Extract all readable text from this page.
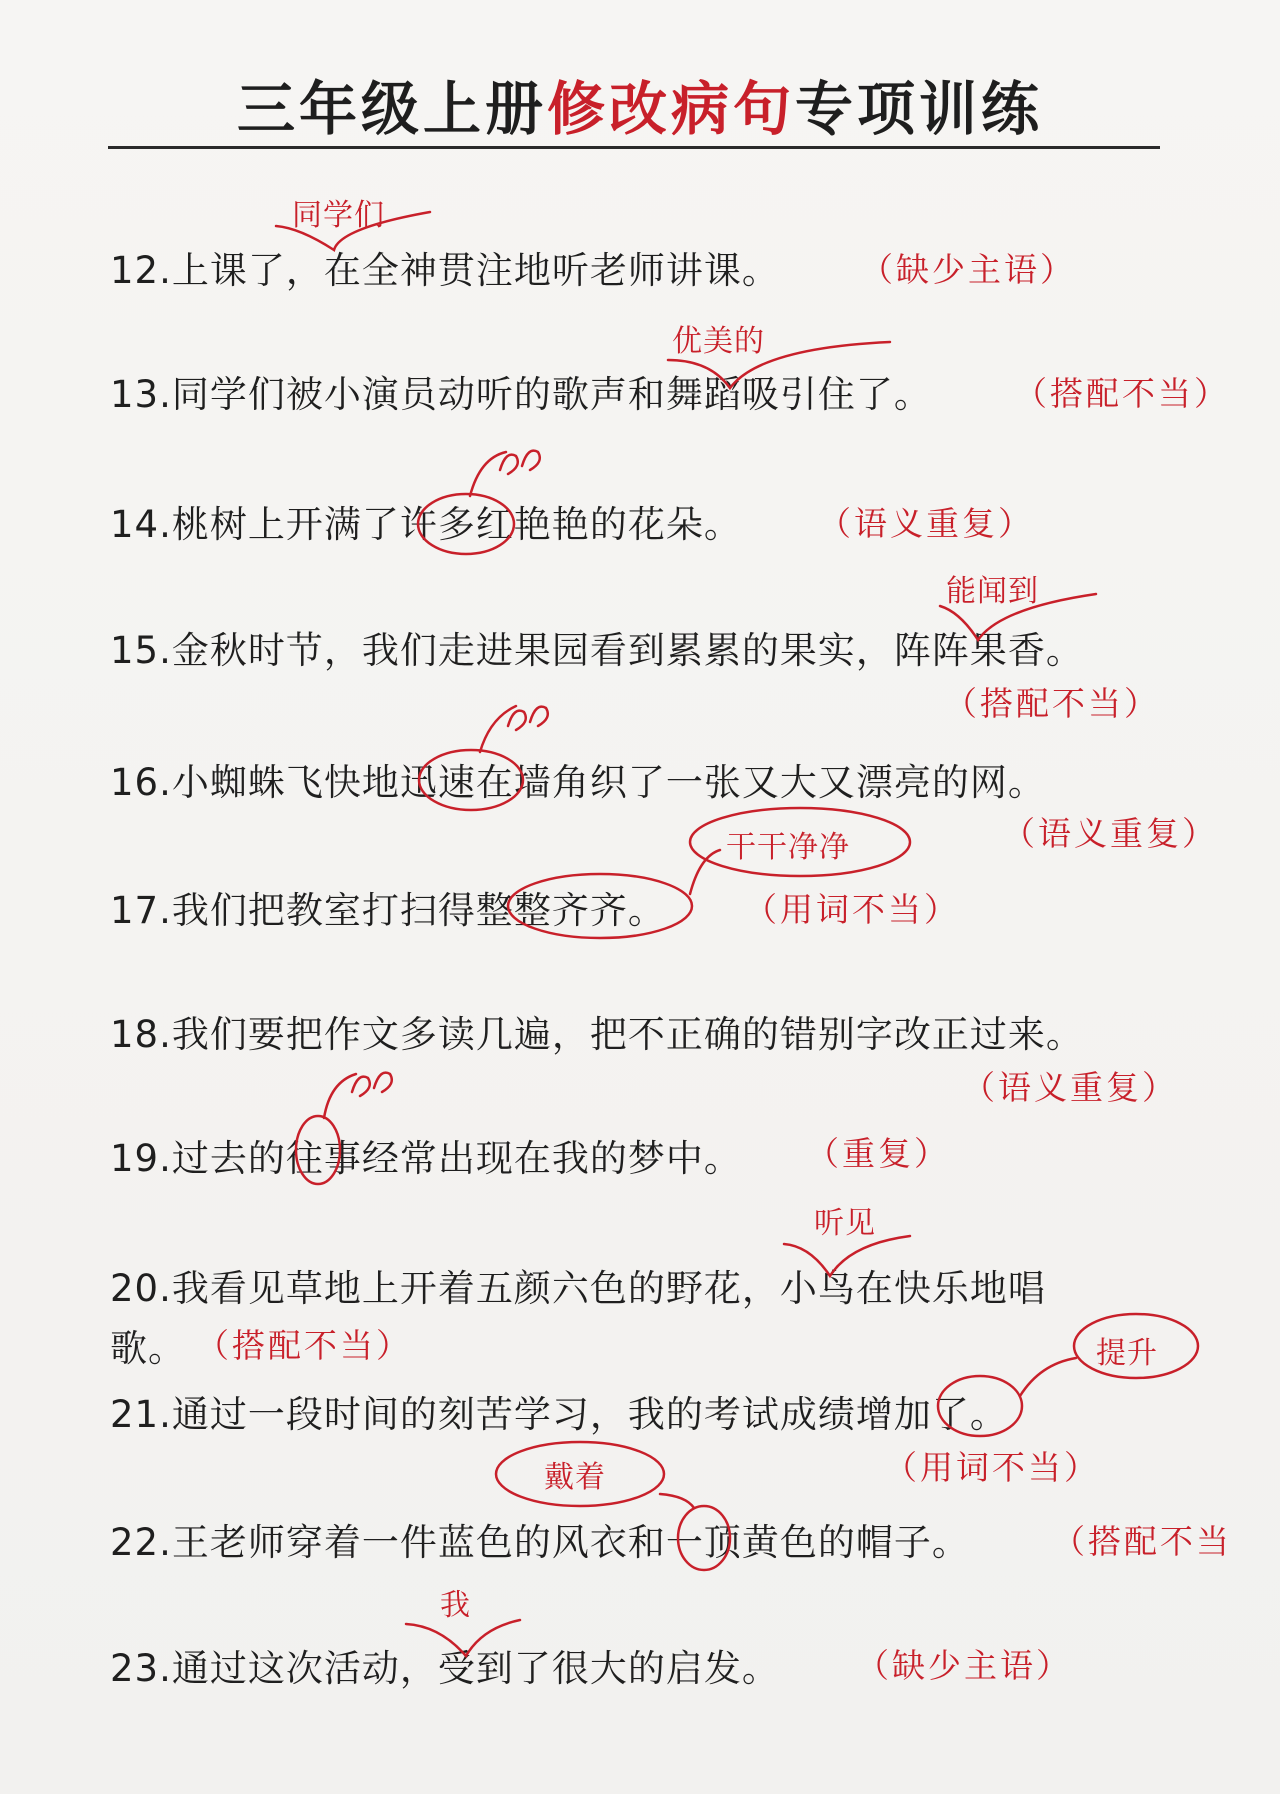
三年级上册修改病句专项训练
同学们
12.上课了，在全神贯注地听老师讲课。 （缺少主语）
优美的
13.同学们被小演员动听的歌声和舞蹈吸引住了。 （搭配不当）
14.桃树上开满了许多红艳艳的花朵。 （语义重复）
能闻到
15.金秋时节，我们走进果园看到累累的果实，阵阵果香。
（搭配不当）
16.小蜘蛛飞快地迅速在墙角织了一张又大又漂亮的网。
（语义重复）
干干净净
17.我们把教室打扫得整整齐齐。 （用词不当）
18.我们要把作文多读几遍，把不正确的错别字改正过来。
（语义重复）
19.过去的往事经常出现在我的梦中。 （重复）
听见
20.我看见草地上开着五颜六色的野花，小鸟在快乐地唱
歌。 （搭配不当）	提升
21.通过一段时间的刻苦学习，我的考试成绩增加了。
（用词不当）
戴着
22.王老师穿着一件蓝色的风衣和一顶黄色的帽子。 （搭配不当
我
23.通过这次活动，受到了很大的启发。 （缺少主语）
